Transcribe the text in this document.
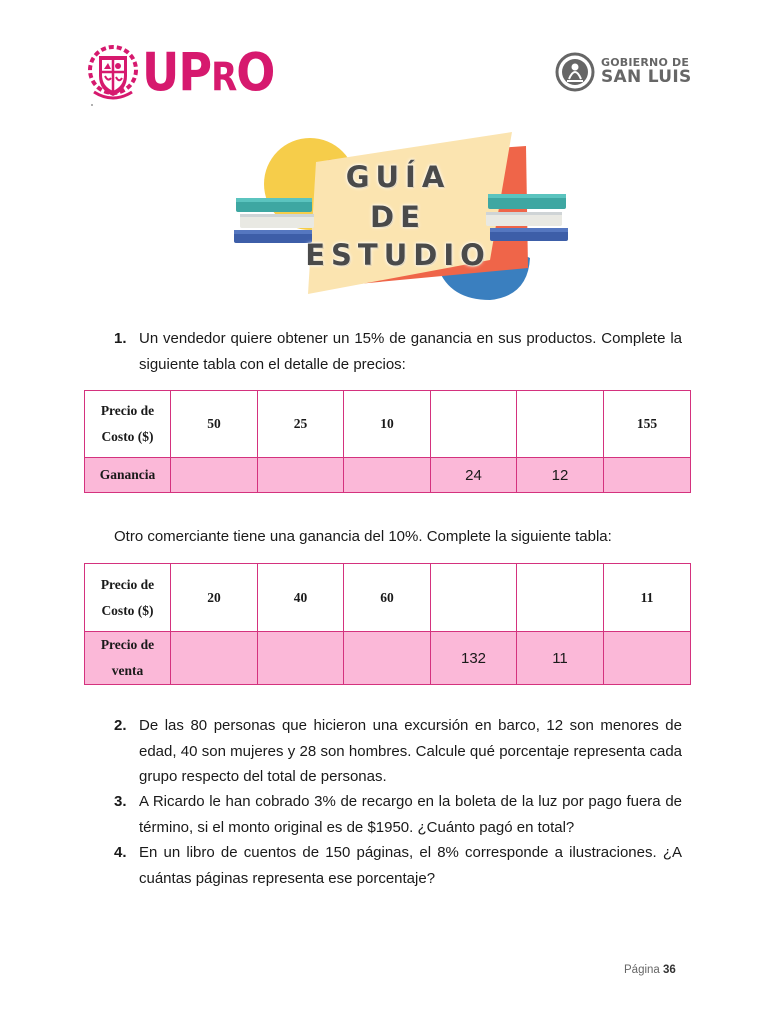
UPRO	GOBIERNO DE
SAN LUIS
GUÍA
DE
ESTUDIO
1. Un vendedor quiere obtener un 15% de ganancia en sus productos. Complete la siguiente tabla con el detalle de precios:
Precio de Costo ($)	50	25	10			155
Ganancia				24	12	
Otro comerciante tiene una ganancia del 10%. Complete la siguiente tabla:
Precio de Costo ($)	20	40	60			11
Precio de venta				132	11	
2. De las 80 personas que hicieron una excursión en barco, 12 son menores de edad, 40 son mujeres y 28 son hombres. Calcule qué porcentaje representa cada grupo respecto del total de personas.
3. A Ricardo le han cobrado 3% de recargo en la boleta de la luz por pago fuera de término, si el monto original es de $1950. ¿Cuánto pagó en total?
4. En un libro de cuentos de 150 páginas, el 8% corresponde a ilustraciones. ¿A cuántas páginas representa ese porcentaje?
Página 36
